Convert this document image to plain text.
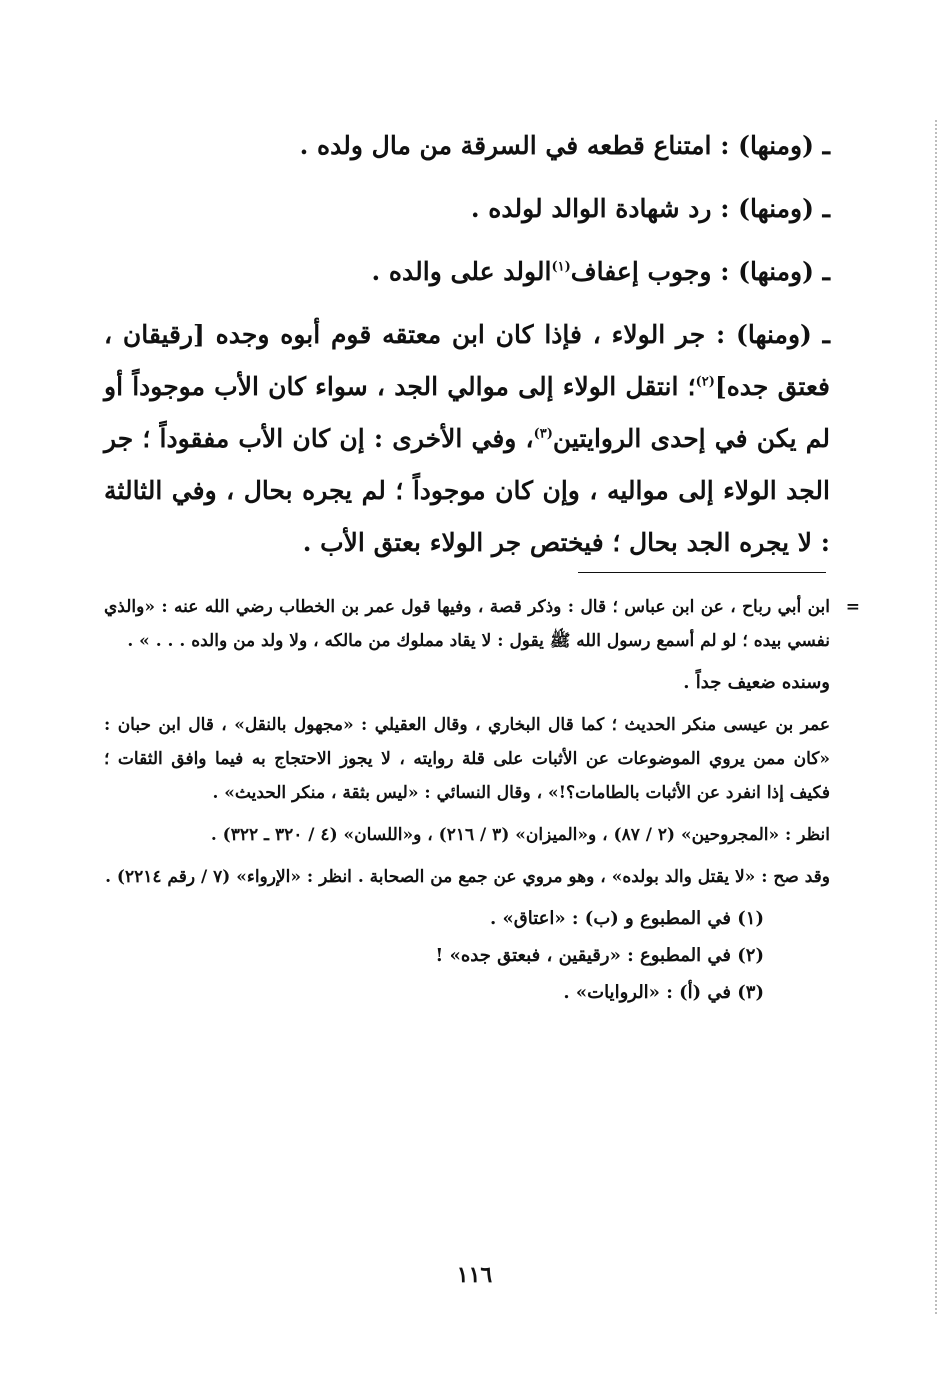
ـ (ومنها) : امتناع قطعه في السرقة من مال ولده .
ـ (ومنها) : رد شهادة الوالد لولده .
ـ (ومنها) : وجوب إعفاف$^{(١)}$الولد على والده .
ـ (ومنها) : جر الولاء ، فإذا كان ابن معتقه قوم أبوه وجده [رقيقان ، فعتق جده]$^{(٢)}$؛ انتقل الولاء إلى موالي الجد ، سواء كان الأب موجوداً أو لم يكن في إحدى الروايتين$^{(٣)}$، وفي الأخرى : إن كان الأب مفقوداً ؛ جر الجد الولاء إلى مواليه ، وإن كان موجوداً ؛ لم يجره بحال ، وفي الثالثة : لا يجره الجد بحال ؛ فيختص جر الولاء بعتق الأب .
=

ابن أبي رباح ، عن ابن عباس ؛ قال : وذكر قصة ، وفيها قول عمر بن الخطاب رضي الله عنه : «والذي نفسي بيده ؛ لو لم أسمع رسول الله ﷺ يقول : لا يقاد مملوك من مالكه ، ولا ولد من والده . . . » .

وسنده ضعيف جداً .

عمر بن عيسى منكر الحديث ؛ كما قال البخاري ، وقال العقيلي : «مجهول بالنقل» ، قال ابن حبان : «كان ممن يروي الموضوعات عن الأثبات على قلة روايته ، لا يجوز الاحتجاج به فيما وافق الثقات ؛ فكيف إذا انفرد عن الأثبات بالطامات؟!» ، وقال النسائي : «ليس بثقة ، منكر الحديث» .

انظر : «المجروحين» (٢ / ٨٧) ، و«الميزان» (٣ / ٢١٦) ، و«اللسان» (٤ / ٣٢٠ ـ ٣٢٢) .

وقد صح : «لا يقتل والد بولده» ، وهو مروي عن جمع من الصحابة . انظر : «الإرواء» (٧ / رقم ٢٢١٤) .

(١) في المطبوع و (ب) : «اعتاق» .

(٢) في المطبوع : «رقيقين ، فبعتق جده» !

(٣) في (أ) : «الروايات» .

١١٦
